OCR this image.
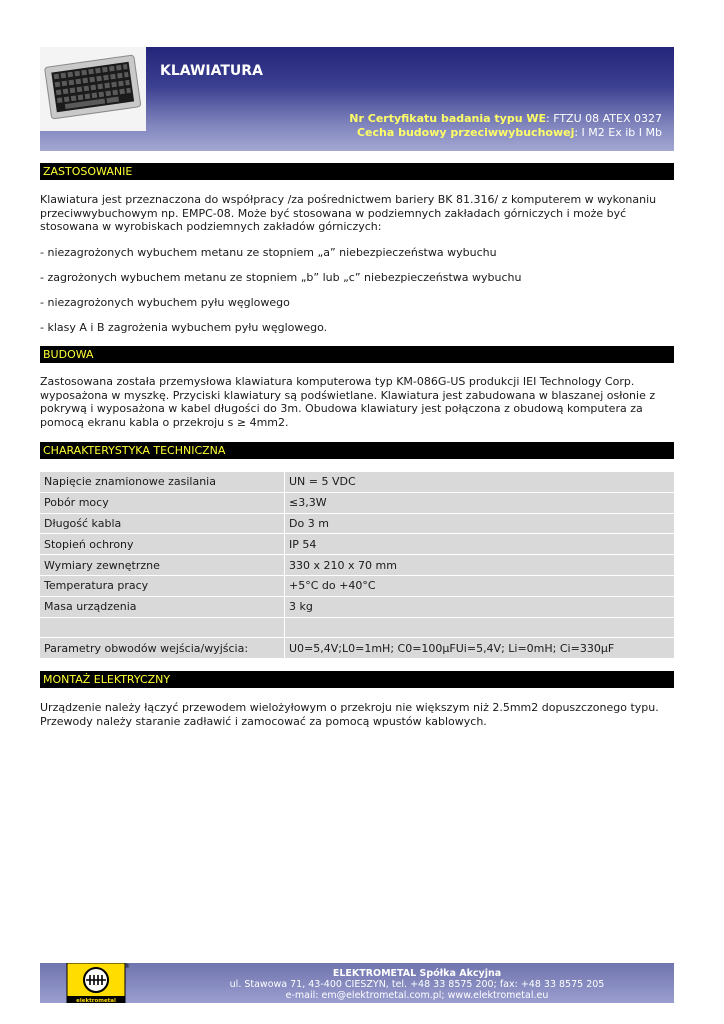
KLAWIATURA
Nr Certyfikatu badania typu WE: FTZU 08 ATEX 0327
Cecha budowy przeciwwybuchowej: I M2 Ex ib I Mb
ZASTOSOWANIE

Klawiatura jest przeznaczona do współpracy /za pośrednictwem bariery BK 81.316/ z komputerem w wykonaniu przeciwwybuchowym np. EMPC-08. Może być stosowana w podziemnych zakładach górniczych i może być stosowana w wyrobiskach podziemnych zakładów górniczych:

- niezagrożonych wybuchem metanu ze stopniem „a” niebezpieczeństwa wybuchu

- zagrożonych wybuchem metanu ze stopniem „b” lub „c” niebezpieczeństwa wybuchu

- niezagrożonych wybuchem pyłu węglowego

- klasy A i B zagrożenia wybuchem pyłu węglowego.

BUDOWA

Zastosowana została przemysłowa klawiatura komputerowa typ KM-086G-US produkcji IEI Technology Corp. wyposażona w myszkę. Przyciski klawiatury są podświetlane. Klawiatura jest zabudowana w blaszanej osłonie z pokrywą i wyposażona w kabel długości do 3m. Obudowa klawiatury jest połączona z obudową komputera za pomocą ekranu kabla o przekroju s ≥ 4mm2.

CHARAKTERYSTYKA TECHNICZNA
Napięcie znamionowe zasilania	UN = 5 VDC
Pobór mocy	≤3,3W
Długość kabla	Do 3 m
Stopień ochrony	IP 54
Wymiary zewnętrzne	330 x 210 x 70 mm
Temperatura pracy	+5°C do +40°C
Masa urządzenia	3 kg

Parametry obwodów wejścia/wyjścia:	U0=5,4V;L0=1mH; C0=100μFUi=5,4V; Li=0mH; Ci=330μF
MONTAŻ ELEKTRYCZNY

Urządzenie należy łączyć przewodem wielożyłowym o przekroju nie większym niż 2.5mm2 dopuszczonego typu. Przewody należy staranie zadławić i zamocować za pomocą wpustów kablowych.

elektrometal
®
ELEKTROMETAL Spółka Akcyjna
ul. Stawowa 71, 43-400 CIESZYN, tel. +48 33 8575 200; fax: +48 33 8575 205
e-mail: em@elektrometal.com.pl; www.elektrometal.eu
